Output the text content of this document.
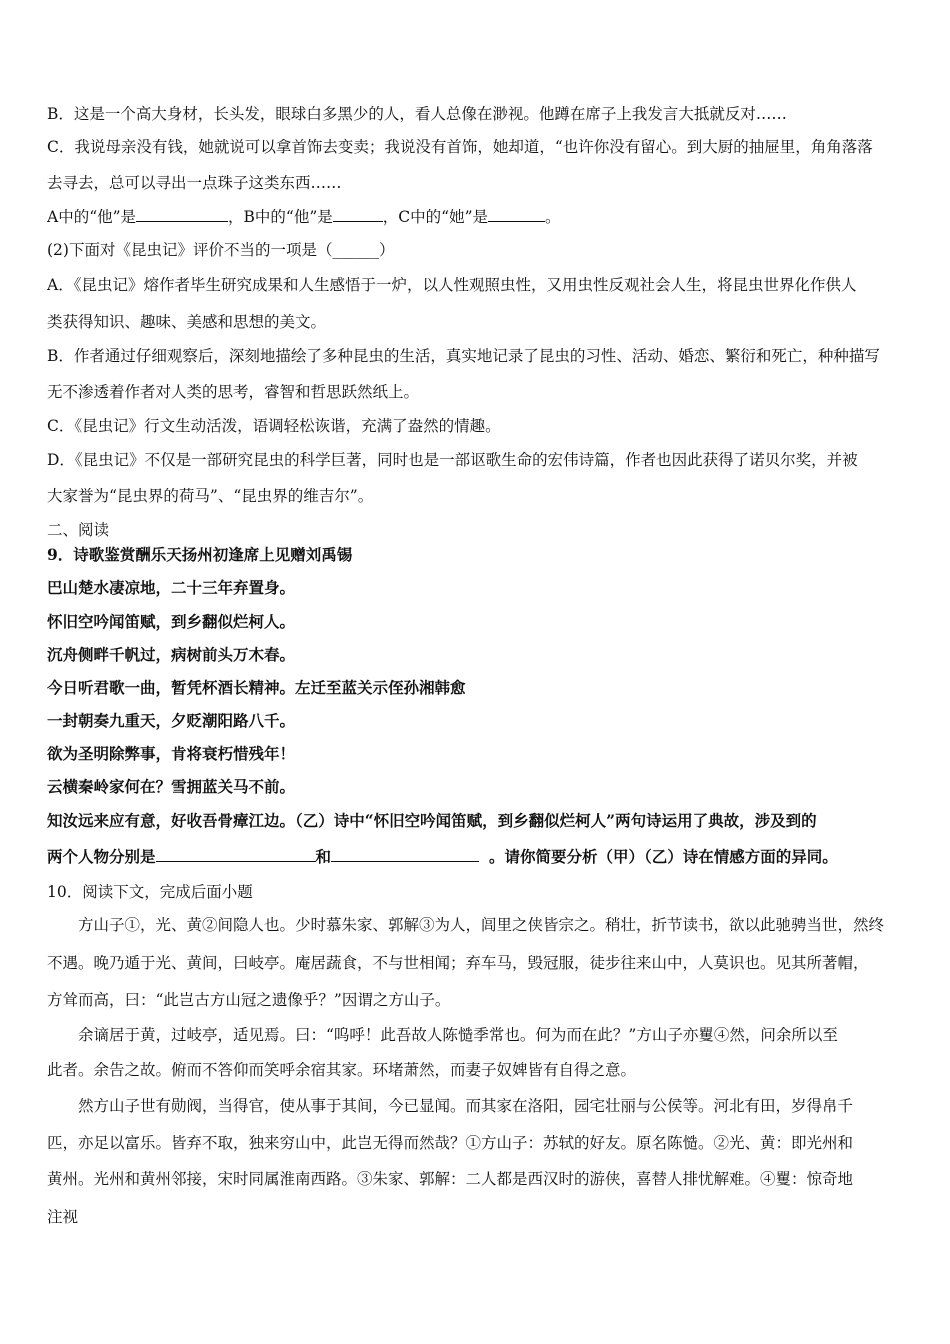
B．这是一个高大身材，长头发，眼球白多黑少的人，看人总像在渺视。他蹲在席子上我发言大抵就反对……
C．我说母亲没有钱，她就说可以拿首饰去变卖；我说没有首饰，她却道，“也许你没有留心。到大厨的抽屉里，角角落落
去寻去，总可以寻出一点珠子这类东西……
A中的“他”是	，B中的“他”是	，C中的“她”是	。
(2)下面对《昆虫记》评价不当的一项是（______）
A．《昆虫记》熔作者毕生研究成果和人生感悟于一炉，以人性观照虫性，又用虫性反观社会人生，将昆虫世界化作供人
类获得知识、趣味、美感和思想的美文。
B．作者通过仔细观察后，深刻地描绘了多种昆虫的生活，真实地记录了昆虫的习性、活动、婚恋、繁衍和死亡，种种描写
无不渗透着作者对人类的思考，睿智和哲思跃然纸上。
C．《昆虫记》行文生动活泼，语调轻松诙谐，充满了盎然的情趣。
D．《昆虫记》不仅是一部研究昆虫的科学巨著，同时也是一部讴歌生命的宏伟诗篇，作者也因此获得了诺贝尔奖，并被
大家誉为“昆虫界的荷马”、“昆虫界的维吉尔”。
二、阅读
9．诗歌鉴赏酬乐天扬州初逢席上见赠刘禹锡
巴山楚水凄凉地，二十三年弃置身。
怀旧空吟闻笛赋，到乡翻似烂柯人。
沉舟侧畔千帆过，病树前头万木春。
今日听君歌一曲，暂凭杯酒长精神。左迁至蓝关示侄孙湘韩愈
一封朝奏九重天，夕贬潮阳路八千。
欲为圣明除弊事，肯将衰朽惜残年！
云横秦岭家何在？雪拥蓝关马不前。
知汝远来应有意，好收吾骨瘴江边。（乙）诗中“怀旧空吟闻笛赋，到乡翻似烂柯人”两句诗运用了典故，涉及到的
两个人物分别是	和	。请你简要分析（甲）（乙）诗在情感方面的异同。
10．阅读下文，完成后面小题
方山子①，光、黄②间隐人也。少时慕朱家、郭解③为人，闾里之侠皆宗之。稍壮，折节读书，欲以此驰骋当世，然终
不遇。晚乃遁于光、黄间，曰岐亭。庵居蔬食，不与世相闻；弃车马，毁冠服，徒步往来山中，人莫识也。见其所著帽，
方耸而高，曰：“此岂古方山冠之遗像乎？”因谓之方山子。
余谪居于黄，过岐亭，适见焉。曰：“呜呼！此吾故人陈慥季常也。何为而在此？”方山子亦矍④然，问余所以至
此者。余告之故。俯而不答仰而笑呼余宿其家。环堵萧然，而妻子奴婢皆有自得之意。
然方山子世有勋阀，当得官，使从事于其间，今已显闻。而其家在洛阳，园宅壮丽与公侯等。河北有田，岁得帛千
匹，亦足以富乐。皆弃不取，独来穷山中，此岂无得而然哉？①方山子：苏轼的好友。原名陈慥。②光、黄：即光州和
黄州。光州和黄州邻接，宋时同属淮南西路。③朱家、郭解：二人都是西汉时的游侠，喜替人排忧解难。④矍：惊奇地
注视
